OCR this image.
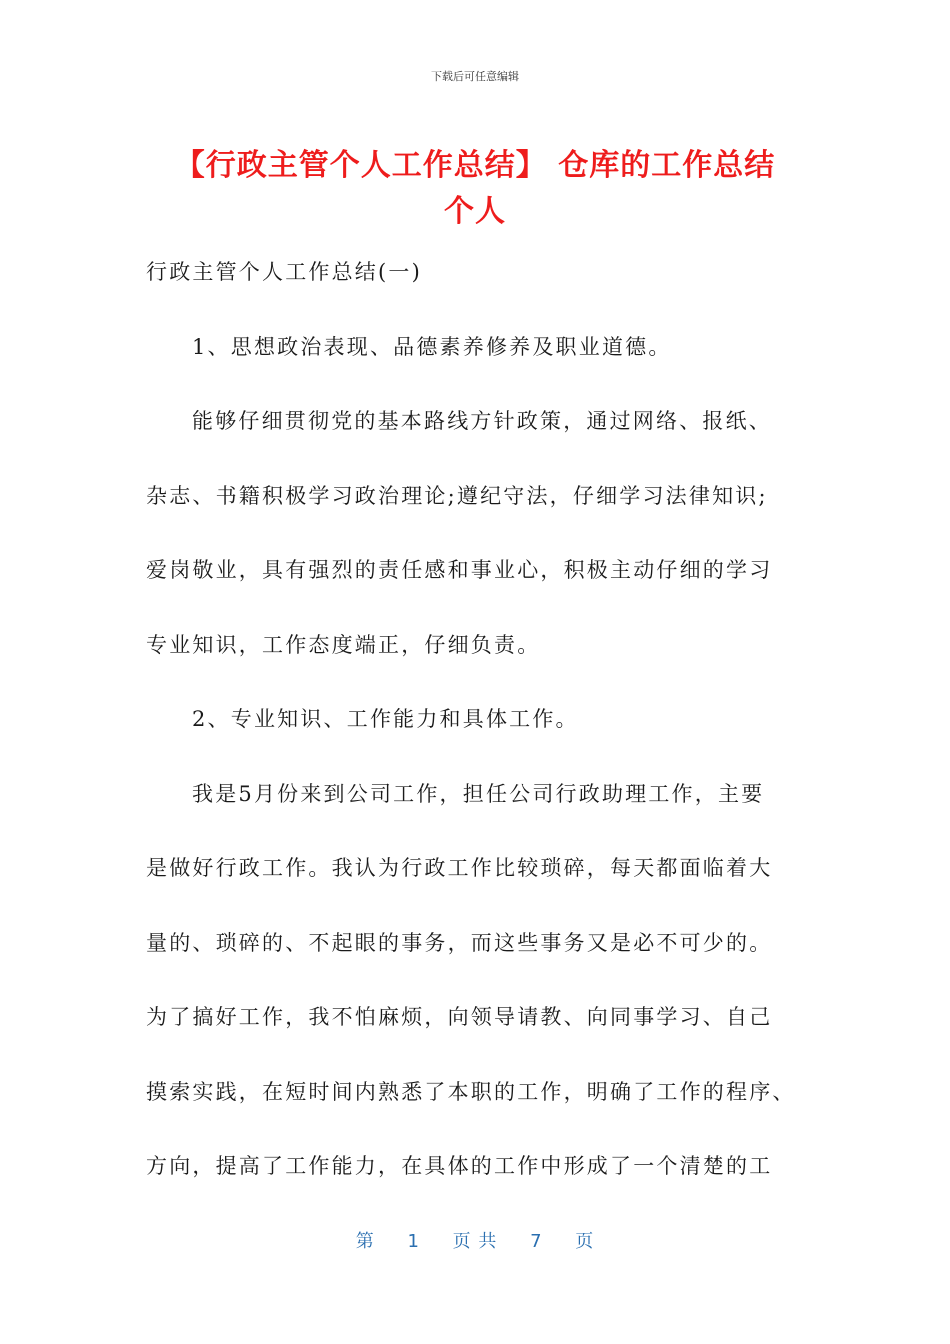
下载后可任意编辑
【行政主管个人工作总结】 仓库的工作总结
个人
行政主管个人工作总结(一)
1、思想政治表现、品德素养修养及职业道德。
能够仔细贯彻党的基本路线方针政策，通过网络、报纸、
杂志、书籍积极学习政治理论;遵纪守法，仔细学习法律知识;
爱岗敬业，具有强烈的责任感和事业心，积极主动仔细的学习
专业知识，工作态度端正，仔细负责。
2、专业知识、工作能力和具体工作。
我是5月份来到公司工作，担任公司行政助理工作，主要
是做好行政工作。我认为行政工作比较琐碎，每天都面临着大
量的、琐碎的、不起眼的事务，而这些事务又是必不可少的。
为了搞好工作，我不怕麻烦，向领导请教、向同事学习、自己
摸索实践，在短时间内熟悉了本职的工作，明确了工作的程序、
方向，提高了工作能力，在具体的工作中形成了一个清楚的工
第 1 页 共 7 页
